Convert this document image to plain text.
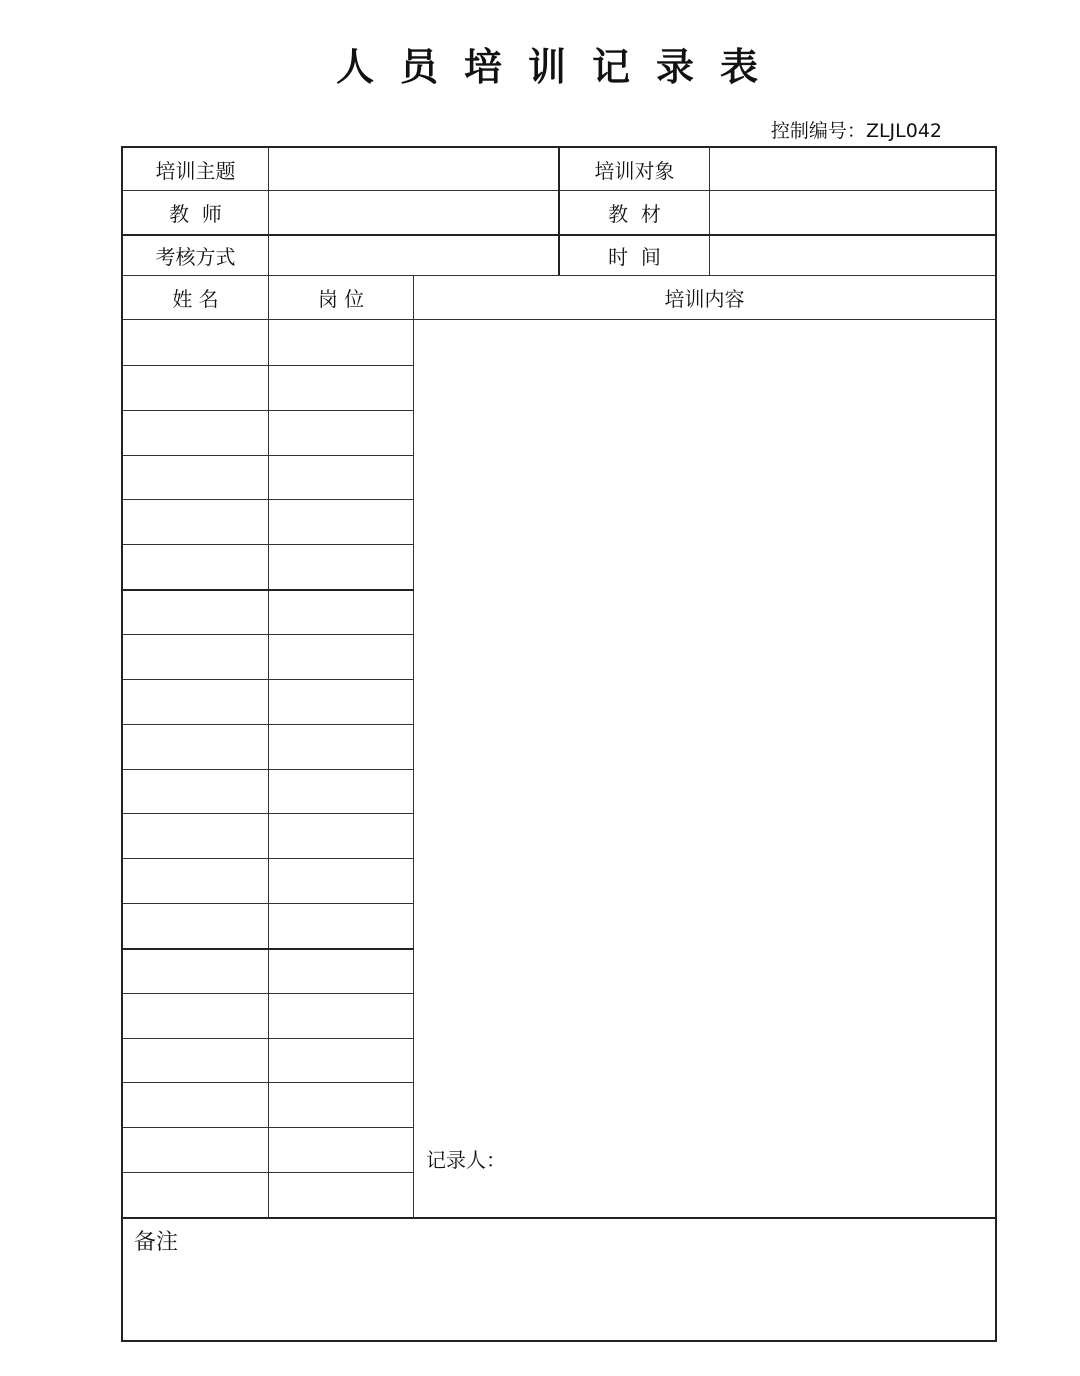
人员培训记录表
控制编号：ZLJL042
培训主题	培训对象
教  师	教  材
考核方式	时  间
姓 名	岗 位	培训内容
记录人：
备注
